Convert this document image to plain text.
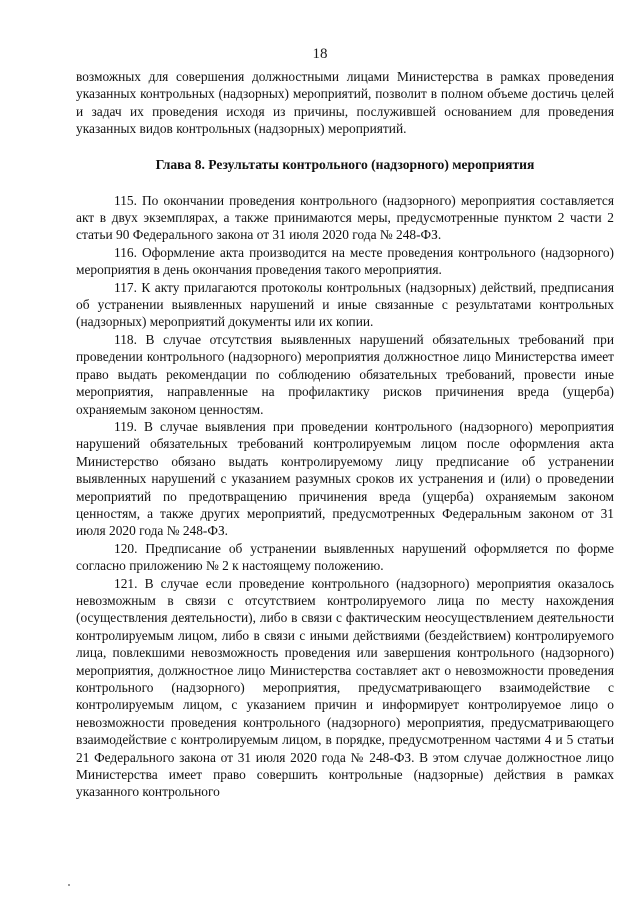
18

возможных для совершения должностными лицами Министерства в рамках проведения указанных контрольных (надзорных) мероприятий, позволит в полном объеме достичь целей и задач их проведения исходя из причины, послужившей основанием для проведения указанных видов контрольных (надзорных) мероприятий.

Глава 8. Результаты контрольного (надзорного) мероприятия

115. По окончании проведения контрольного (надзорного) мероприятия составляется акт в двух экземплярах, а также принимаются меры, предусмотренные пунктом 2 части 2 статьи 90 Федерального закона от 31 июля 2020 года № 248-ФЗ.

116. Оформление акта производится на месте проведения контрольного (надзорного) мероприятия в день окончания проведения такого мероприятия.

117. К акту прилагаются протоколы контрольных (надзорных) действий, предписания об устранении выявленных нарушений и иные связанные с результатами контрольных (надзорных) мероприятий документы или их копии.

118. В случае отсутствия выявленных нарушений обязательных требований при проведении контрольного (надзорного) мероприятия должностное лицо Министерства имеет право выдать рекомендации по соблюдению обязательных требований, провести иные мероприятия, направленные на профилактику рисков причинения вреда (ущерба) охраняемым законом ценностям.

119. В случае выявления при проведении контрольного (надзорного) мероприятия нарушений обязательных требований контролируемым лицом после оформления акта Министерство обязано выдать контролируемому лицу предписание об устранении выявленных нарушений с указанием разумных сроков их устранения и (или) о проведении мероприятий по предотвращению причинения вреда (ущерба) охраняемым законом ценностям, а также других мероприятий, предусмотренных Федеральным законом от 31 июля 2020 года № 248-ФЗ.

120. Предписание об устранении выявленных нарушений оформляется по форме согласно приложению № 2 к настоящему положению.

121. В случае если проведение контрольного (надзорного) мероприятия оказалось невозможным в связи с отсутствием контролируемого лица по месту нахождения (осуществления деятельности), либо в связи с фактическим неосуществлением деятельности контролируемым лицом, либо в связи с иными действиями (бездействием) контролируемого лица, повлекшими невозможность проведения или завершения контрольного (надзорного) мероприятия, должностное лицо Министерства составляет акт о невозможности проведения контрольного (надзорного) мероприятия, предусматривающего взаимодействие с контролируемым лицом, с указанием причин и информирует контролируемое лицо о невозможности проведения контрольного (надзорного) мероприятия, предусматривающего взаимодействие с контролируемым лицом, в порядке, предусмотренном частями 4 и 5 статьи 21 Федерального закона от 31 июля 2020 года № 248-ФЗ. В этом случае должностное лицо Министерства имеет право совершить контрольные (надзорные) действия в рамках указанного контрольного
